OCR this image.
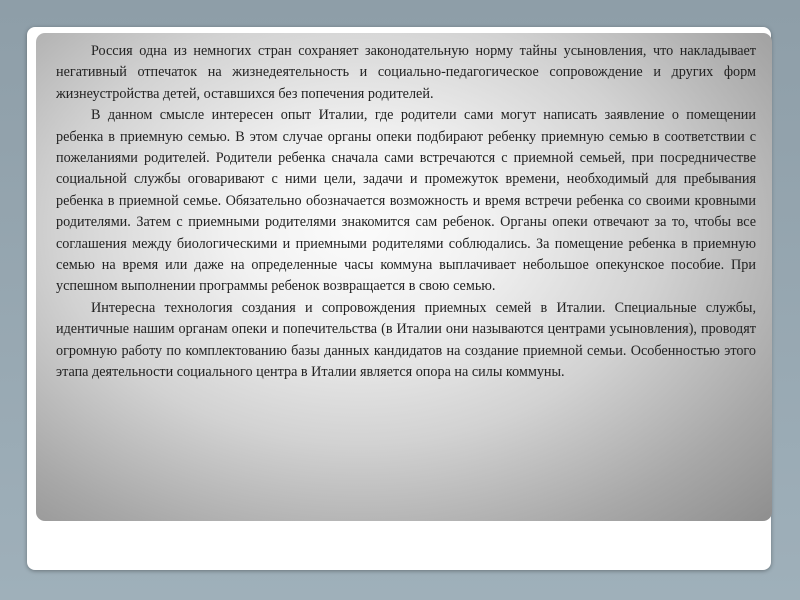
Россия одна из немногих стран сохраняет законодательную норму тайны усыновления, что накладывает негативный отпечаток на жизнедеятельность и социально-педагогическое сопровождение и других форм жизнеустройства детей, оставшихся без попечения родителей.

В данном смысле интересен опыт Италии, где родители сами могут написать заявление о помещении ребенка в приемную семью. В этом случае органы опеки подбирают ребенку приемную семью в соответствии с пожеланиями родителей. Родители ребенка сначала сами встречаются с приемной семьей, при посредничестве социальной службы оговаривают с ними цели, задачи и промежуток времени, необходимый для пребывания ребенка в приемной семье. Обязательно обозначается возможность и время встречи ребенка со своими кровными родителями. Затем с приемными родителями знакомится сам ребенок. Органы опеки отвечают за то, чтобы все соглашения между биологическими и приемными родителями соблюдались. За помещение ребенка в приемную семью на время или даже на определенные часы коммуна выплачивает небольшое опекунское пособие. При успешном выполнении программы ребенок возвращается в свою семью.

Интересна технология создания и сопровождения приемных семей в Италии. Специальные службы, идентичные нашим органам опеки и попечительства (в Италии они называются центрами усыновления), проводят огромную работу по комплектованию базы данных кандидатов на создание приемной семьи. Особенностью этого этапа деятельности социального центра в Италии является опора на силы коммуны.
